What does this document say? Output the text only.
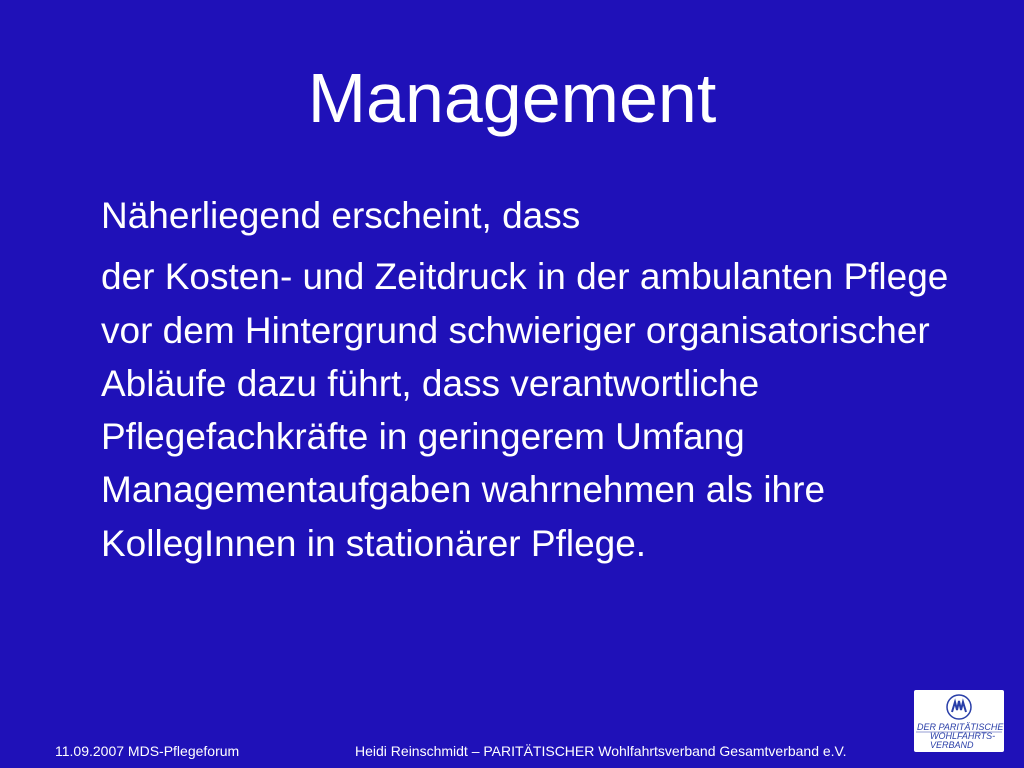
Management

Näherliegend erscheint, dass

der Kosten- und Zeitdruck in der ambulanten Pflege vor dem Hintergrund schwieriger organisatorischer Abläufe dazu führt, dass verantwortliche Pflegefachkräfte in geringerem Umfang Managementaufgaben wahrnehmen als ihre KollegInnen in stationärer Pflege.

11.09.2007 MDS-Pflegeforum	Heidi Reinschmidt – PARITÄTISCHER Wohlfahrtsverband Gesamtverband e.V.
DER PARITÄTISCHE
WOHLFAHRTS-
VERBAND
